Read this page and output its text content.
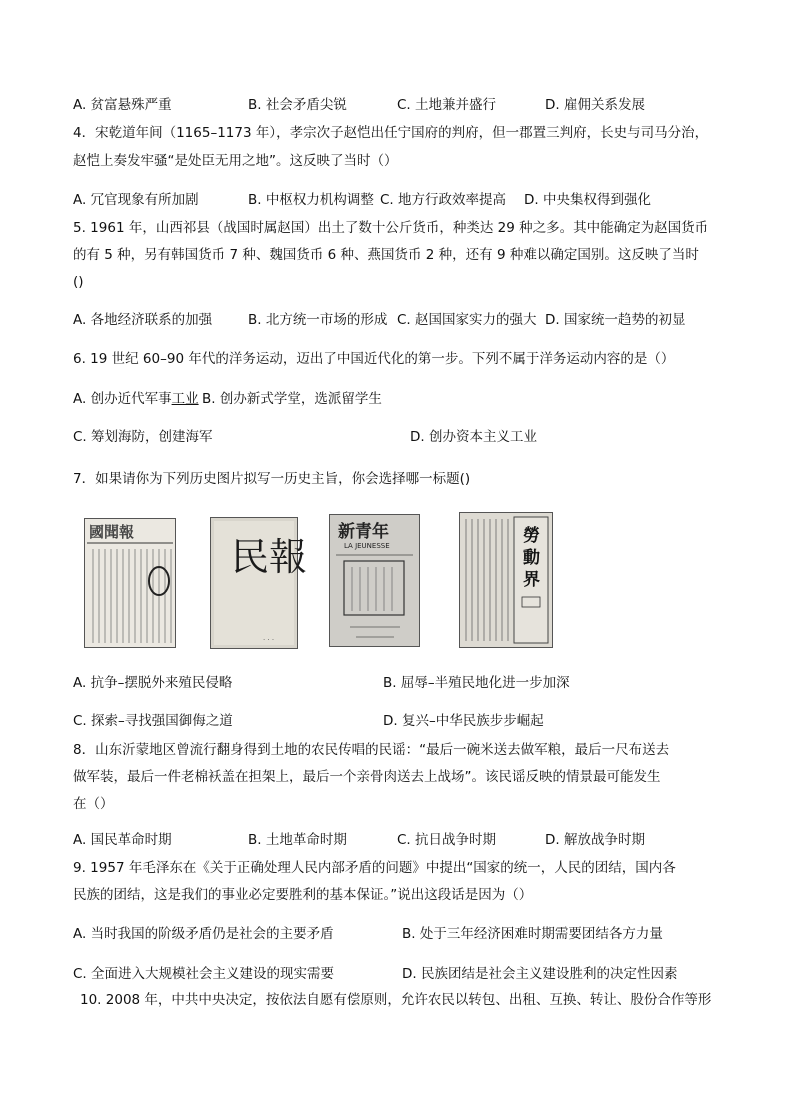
A. 贫富悬殊严重	B. 社会矛盾尖锐	C. 土地兼并盛行	D. 雇佣关系发展
4．宋乾道年间（1165–1173 年），孝宗次子赵恺出任宁国府的判府，但一郡置三判府，长史与司马分治，
赵恺上奏发牢骚“是处臣无用之地”。这反映了当时（）
A. 冗官现象有所加剧	B. 中枢权力机构调整 C. 地方行政效率提高 D. 中央集权得到强化
5. 1961 年，山西祁县（战国时属赵国）出土了数十公斤货币，种类达 29 种之多。其中能确定为赵国货币
的有 5 种，另有韩国货币 7 种、魏国货币 6 种、燕国货币 2 种，还有 9 种难以确定国别。这反映了当时
()
A. 各地经济联系的加强	B. 北方统一市场的形成 C. 赵国国家实力的强大 D. 国家统一趋势的初显
6. 19 世纪 60–90 年代的洋务运动，迈出了中国近代化的第一步。下列不属于洋务运动内容的是（）
A. 创办近代军事工业 B. 创办新式学堂，选派留学生
C. 筹划海防，创建海军	D. 创办资本主义工业
7．如果请你为下列历史图片拟写一历史主旨，你会选择哪一标题()
國聞報
民報
· · ·
新青年
LA JEUNESSE	勞
動
界
A. 抗争–摆脱外来殖民侵略	B. 屈辱–半殖民地化进一步加深
C. 探索–寻找强国御侮之道	D. 复兴–中华民族步步崛起
8．山东沂蒙地区曾流行翻身得到土地的农民传唱的民谣：“最后一碗米送去做军粮，最后一尺布送去
做军装，最后一件老棉袄盖在担架上，最后一个亲骨肉送去上战场”。该民谣反映的情景最可能发生
在（）
A. 国民革命时期	B. 土地革命时期	C. 抗日战争时期	D. 解放战争时期
9. 1957 年毛泽东在《关于正确处理人民内部矛盾的问题》中提出“国家的统一，人民的团结，国内各
民族的团结，这是我们的事业必定要胜利的基本保证。”说出这段话是因为（）
A. 当时我国的阶级矛盾仍是社会的主要矛盾	B. 处于三年经济困难时期需要团结各方力量
C. 全面进入大规模社会主义建设的现实需要	D. 民族团结是社会主义建设胜利的决定性因素
10. 2008 年，中共中央决定，按依法自愿有偿原则，允许农民以转包、出租、互换、转让、股份合作等形
